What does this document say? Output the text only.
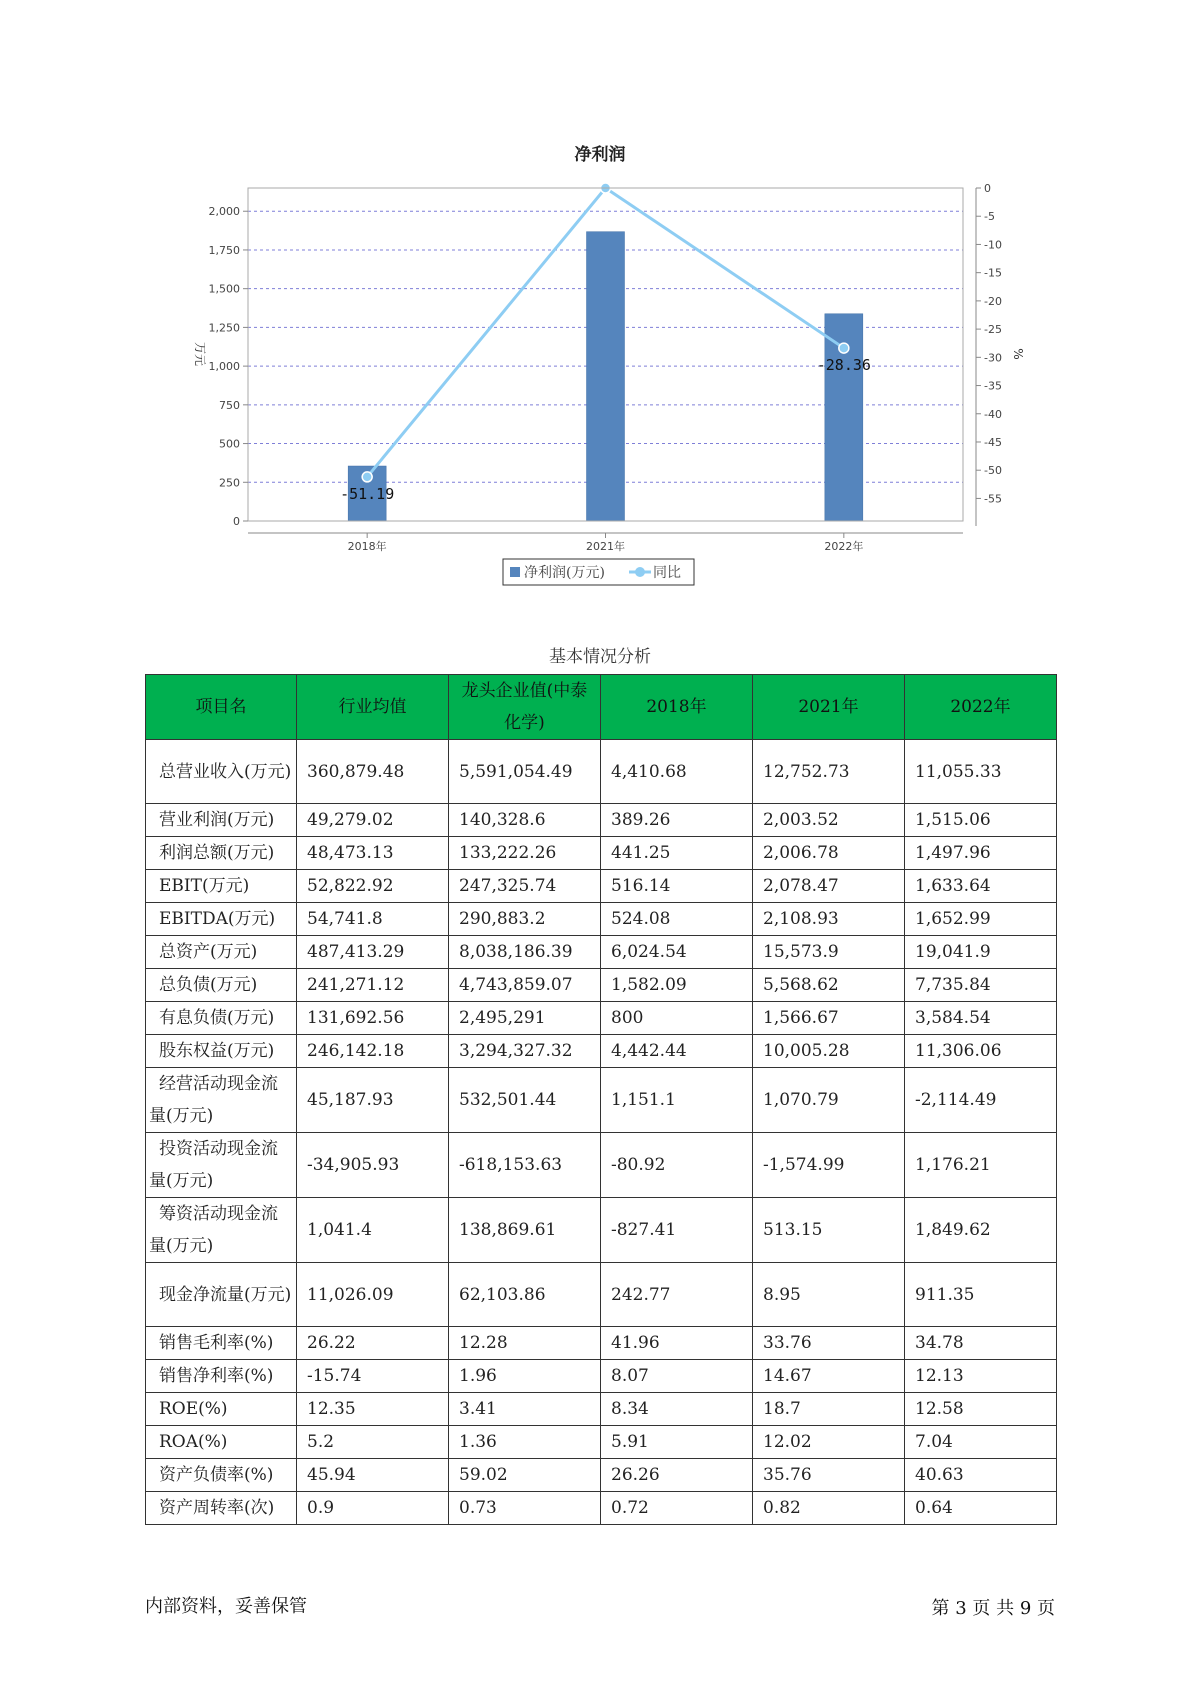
净利润
0
250
500
750
1,000
1,250
1,500
1,750
2,000
2018年	2021年	2022年
0
-5
-10
-15
-20
-25
-30
-35
-40
-45
-50
-55
万元	%
-51.19
-28.36
净利润(万元)	同比
基本情况分析
项目名	行业均值	龙头企业值(中泰化学)	2018年	2021年	2022年
总营业收入(万元)	360,879.48	5,591,054.49	4,410.68	12,752.73	11,055.33
营业利润(万元)	49,279.02	140,328.6	389.26	2,003.52	1,515.06
利润总额(万元)	48,473.13	133,222.26	441.25	2,006.78	1,497.96
EBIT(万元)	52,822.92	247,325.74	516.14	2,078.47	1,633.64
EBITDA(万元)	54,741.8	290,883.2	524.08	2,108.93	1,652.99
总资产(万元)	487,413.29	8,038,186.39	6,024.54	15,573.9	19,041.9
总负债(万元)	241,271.12	4,743,859.07	1,582.09	5,568.62	7,735.84
有息负债(万元)	131,692.56	2,495,291	800	1,566.67	3,584.54
股东权益(万元)	246,142.18	3,294,327.32	4,442.44	10,005.28	11,306.06
经营活动现金流量(万元)	45,187.93	532,501.44	1,151.1	1,070.79	-2,114.49
投资活动现金流量(万元)	-34,905.93	-618,153.63	-80.92	-1,574.99	1,176.21
筹资活动现金流量(万元)	1,041.4	138,869.61	-827.41	513.15	1,849.62
现金净流量(万元)	11,026.09	62,103.86	242.77	8.95	911.35
销售毛利率(%)	26.22	12.28	41.96	33.76	34.78
销售净利率(%)	-15.74	1.96	8.07	14.67	12.13
ROE(%)	12.35	3.41	8.34	18.7	12.58
ROA(%)	5.2	1.36	5.91	12.02	7.04
资产负债率(%)	45.94	59.02	26.26	35.76	40.63
资产周转率(次)	0.9	0.73	0.72	0.82	0.64
内部资料，妥善保管	第 3 页 共 9 页
